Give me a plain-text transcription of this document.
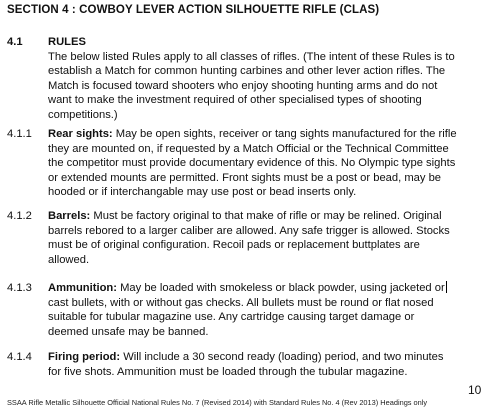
SECTION 4 : COWBOY LEVER ACTION SILHOUETTE RIFLE (CLAS)
4.1 RULES
The below listed Rules apply to all classes of rifles. (The intent of these Rules is to
establish a Match for common hunting carbines and other lever action rifles. The
Match is focused toward shooters who enjoy shooting hunting arms and do not
want to make the investment required of other specialised types of shooting
competitions.)
4.1.1 Rear sights: May be open sights, receiver or tang sights manufactured for the rifle
they are mounted on, if requested by a Match Official or the Technical Committee
the competitor must provide documentary evidence of this. No Olympic type sights
or extended mounts are permitted. Front sights must be a post or bead, may be
hooded or if interchangable may use post or bead inserts only.
4.1.2 Barrels: Must be factory original to that make of rifle or may be relined. Original
barrels rebored to a larger caliber are allowed. Any safe trigger is allowed. Stocks
must be of original configuration. Recoil pads or replacement buttplates are
allowed.
4.1.3 Ammunition: May be loaded with smokeless or black powder, using jacketed or
cast bullets, with or without gas checks. All bullets must be round or flat nosed
suitable for tubular magazine use. Any cartridge causing target damage or
deemed unsafe may be banned.
4.1.4 Firing period: Will include a 30 second ready (loading) period, and two minutes
for five shots. Ammunition must be loaded through the tubular magazine.
10
SSAA Rifle Metallic Silhouette Official National Rules No. 7 (Revised 2014) with Standard Rules No. 4 (Rev 2013) Headings only
